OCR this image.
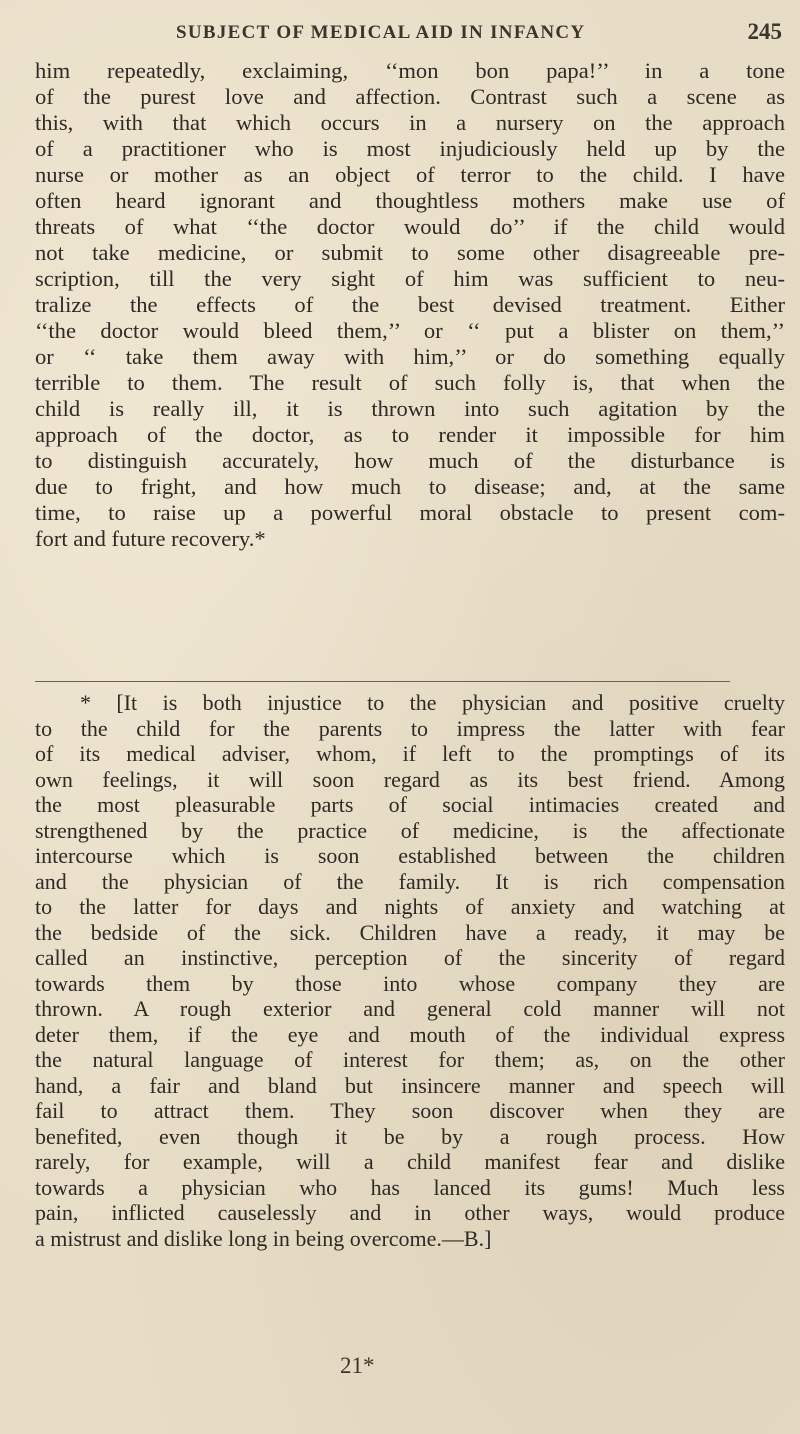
SUBJECT OF MEDICAL AID IN INFANCY	245
him repeatedly, exclaiming, ‘‘mon bon papa!’’ in a tone
of the purest love and affection. Contrast such a scene as
this, with that which occurs in a nursery on the approach
of a practitioner who is most injudiciously held up by the
nurse or mother as an object of terror to the child. I have
often heard ignorant and thoughtless mothers make use of
threats of what ‘‘the doctor would do’’ if the child would
not take medicine, or submit to some other disagreeable pre-
scription, till the very sight of him was sufficient to neu-
tralize the effects of the best devised treatment. Either
‘‘the doctor would bleed them,’’ or ‘‘ put a blister on them,’’
or ‘‘ take them away with him,’’ or do something equally
terrible to them. The result of such folly is, that when the
child is really ill, it is thrown into such agitation by the
approach of the doctor, as to render it impossible for him
to distinguish accurately, how much of the disturbance is
due to fright, and how much to disease; and, at the same
time, to raise up a powerful moral obstacle to present com-
fort and future recovery.*
* [It is both injustice to the physician and positive cruelty
to the child for the parents to impress the latter with fear
of its medical adviser, whom, if left to the promptings of its
own feelings, it will soon regard as its best friend. Among
the most pleasurable parts of social intimacies created and
strengthened by the practice of medicine, is the affectionate
intercourse which is soon established between the children
and the physician of the family. It is rich compensation
to the latter for days and nights of anxiety and watching at
the bedside of the sick. Children have a ready, it may be
called an instinctive, perception of the sincerity of regard
towards them by those into whose company they are
thrown. A rough exterior and general cold manner will not
deter them, if the eye and mouth of the individual express
the natural language of interest for them; as, on the other
hand, a fair and bland but insincere manner and speech will
fail to attract them. They soon discover when they are
benefited, even though it be by a rough process. How
rarely, for example, will a child manifest fear and dislike
towards a physician who has lanced its gums! Much less
pain, inflicted causelessly and in other ways, would produce
a mistrust and dislike long in being overcome.—B.]
21*
